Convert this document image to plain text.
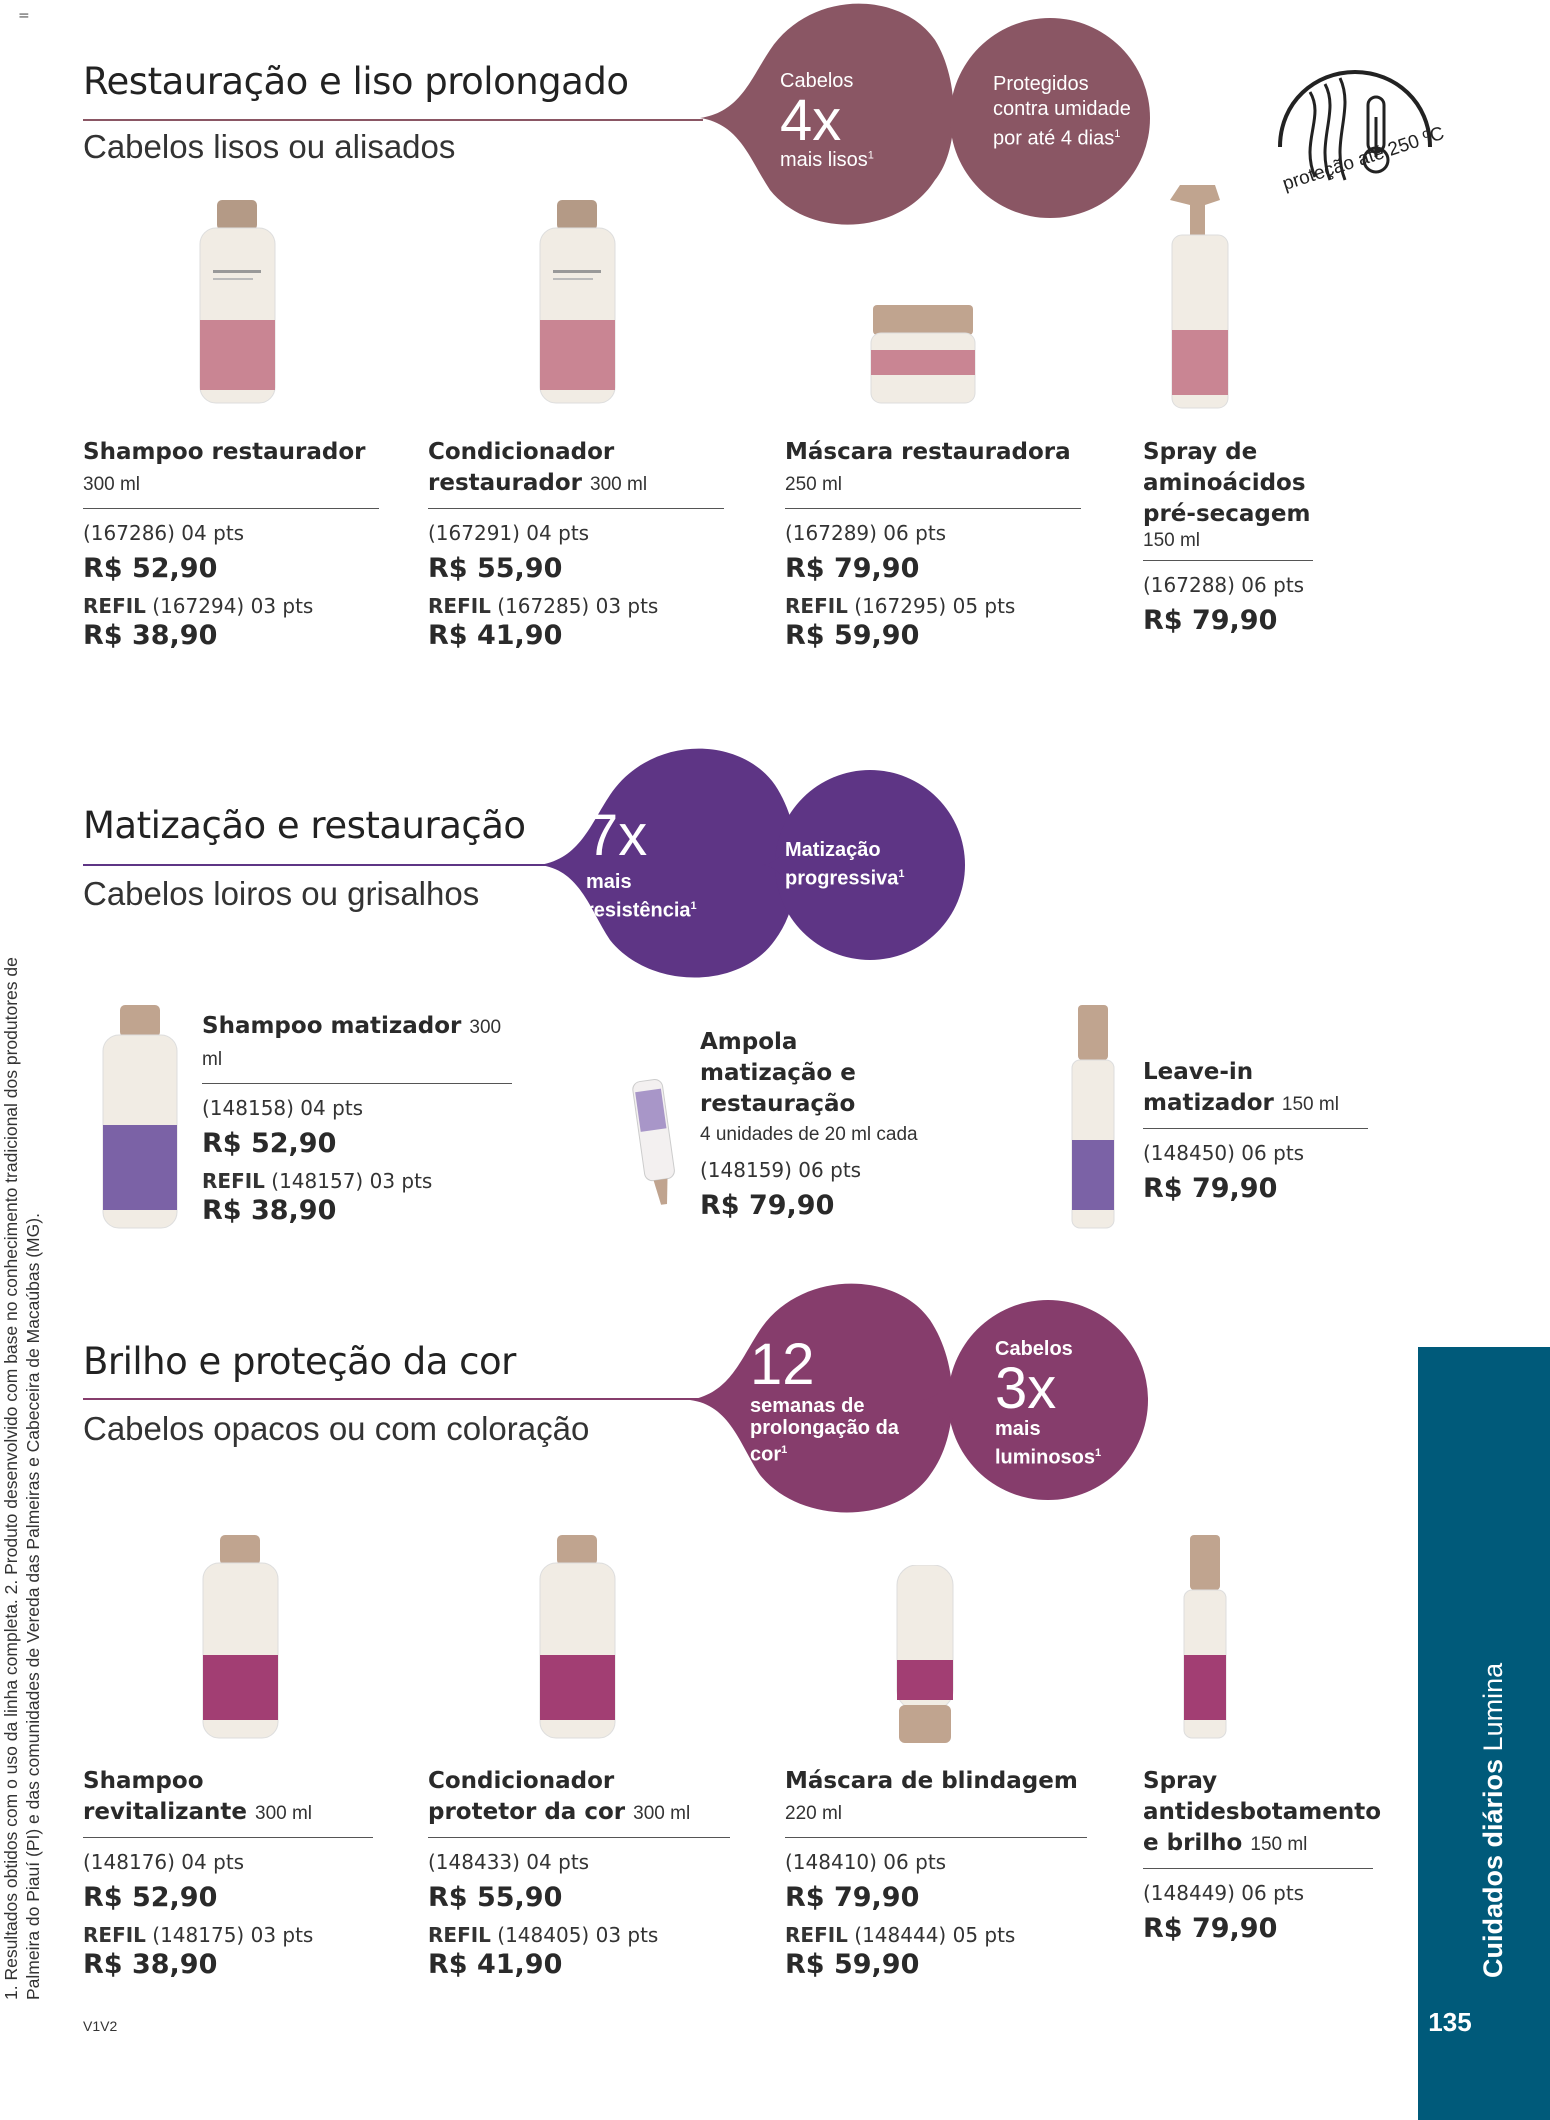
=
1. Resultados obtidos com o uso da linha completa. 2. Produto desenvolvido com base no conhecimento tradicional dos produtores de Palmeira do Piauí (PI) e das comunidades de Vereda das Palmeiras e Cabeceira de Macaúbas (MG).
Restauração e liso prolongado
Cabelos lisos ou alisados
Cabelos
4x
mais lisos$^1$
Protegidos contra umidade por até 4 dias$^1$	proteção até 250 ºC
Shampoo restaurador 300 ml
(167286) 04 pts
R$ 52,90
REFIL (167294) 03 pts
R$ 38,90
Condicionador restaurador 300 ml
(167291) 04 pts
R$ 55,90
REFIL (167285) 03 pts
R$ 41,90
Máscara restauradora 250 ml
(167289) 06 pts
R$ 79,90
REFIL (167295) 05 pts
R$ 59,90
Spray de aminoácidos pré-secagem
150 ml
(167288) 06 pts
R$ 79,90
Matização e restauração
Cabelos loiros ou grisalhos
7x
mais resistência$^1$
Matização progressiva$^1$
Shampoo matizador 300 ml
(148158) 04 pts
R$ 52,90
REFIL (148157) 03 pts
R$ 38,90
Ampola matização e restauração
4 unidades de 20 ml cada
(148159) 06 pts
R$ 79,90
Leave-in matizador 150 ml
(148450) 06 pts
R$ 79,90
Brilho e proteção da cor
Cabelos opacos ou com coloração
12
semanas de prolongação da cor$^1$
Cabelos
3x
mais luminosos$^1$
Shampoo revitalizante 300 ml
(148176) 04 pts
R$ 52,90
REFIL (148175) 03 pts
R$ 38,90
Condicionador protetor da cor 300 ml
(148433) 04 pts
R$ 55,90
REFIL (148405) 03 pts
R$ 41,90
Máscara de blindagem 220 ml
(148410) 06 pts
R$ 79,90
REFIL (148444) 05 pts
R$ 59,90
Spray antidesbotamento e brilho 150 ml
(148449) 06 pts
R$ 79,90
V1V2
Cuidados diários Lumina
135
